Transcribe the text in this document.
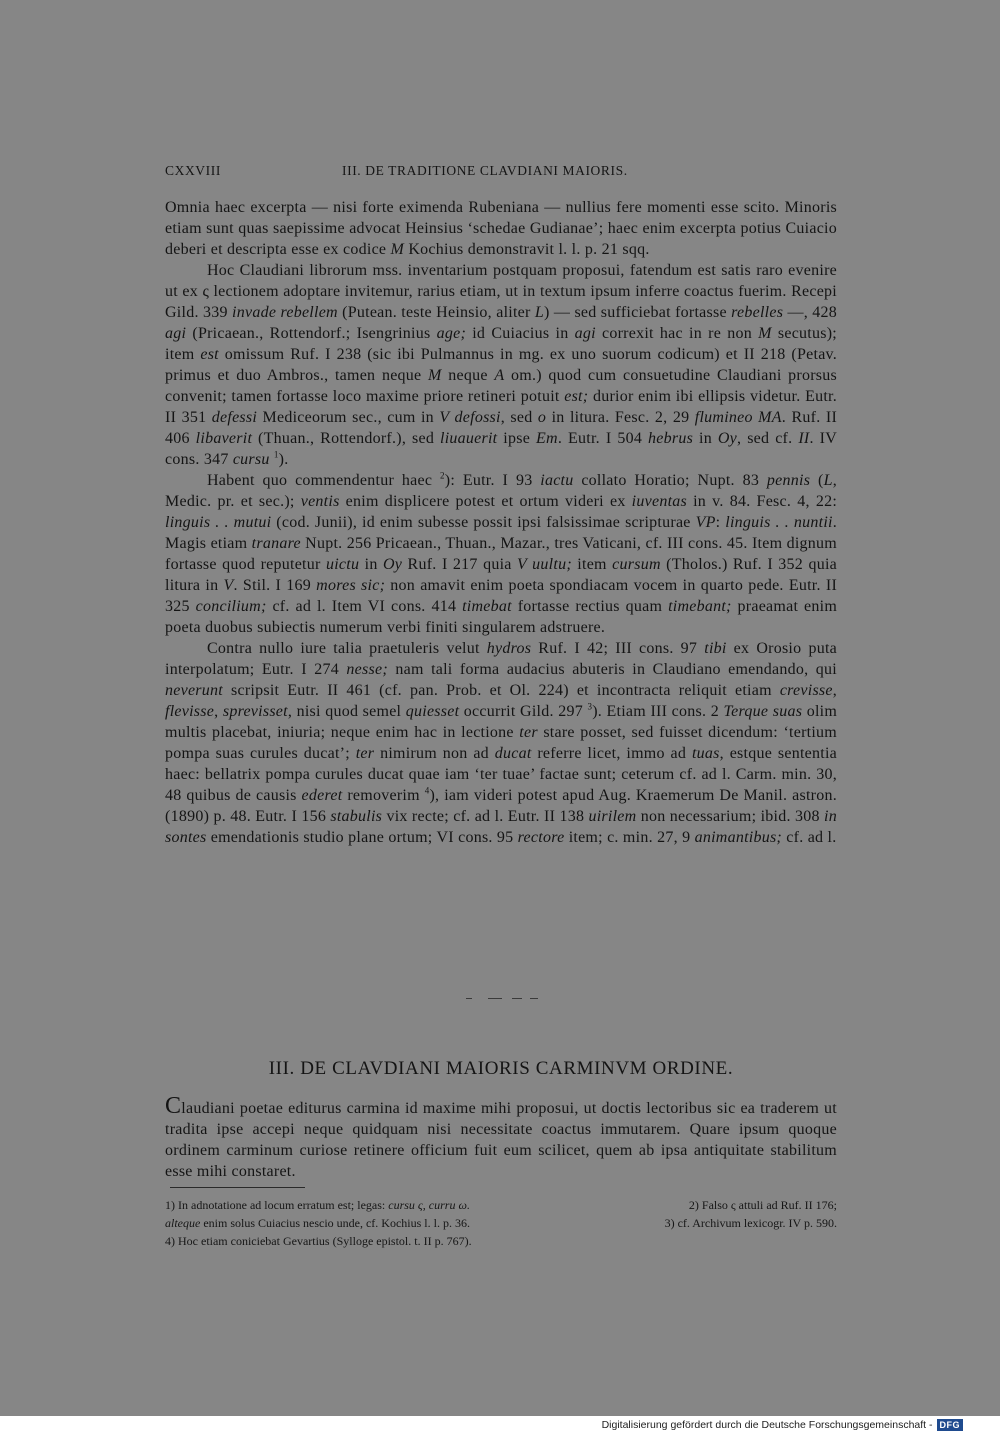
CXXVIII	III. DE TRADITIONE CLAVDIANI MAIORIS.

Omnia haec excerpta — nisi forte eximenda Rubeniana — nullius fere momenti esse scito. Minoris etiam sunt quas saepissime advocat Heinsius ‘schedae Gudianae’; haec enim excerpta potius Cuiacio deberi et descripta esse ex codice M Kochius demonstravit l. l. p. 21 sqq.

Hoc Claudiani librorum mss. inventarium postquam proposui, fatendum est satis raro evenire ut ex ς lectionem adoptare invitemur, rarius etiam, ut in textum ipsum inferre coactus fuerim. Recepi Gild. 339 invade rebellem (Putean. teste Heinsio, aliter L) — sed sufficiebat fortasse rebelles —, 428 agi (Pricaean., Rottendorf.; Isengrinius age; id Cuiacius in agi correxit hac in re non M secutus); item est omissum Ruf. I 238 (sic ibi Pulmannus in mg. ex uno suorum codicum) et II 218 (Petav. primus et duo Ambros., tamen neque M neque A om.) quod cum consuetudine Claudiani prorsus convenit; tamen fortasse loco maxime priore retineri potuit est; durior enim ibi ellipsis videtur. Eutr. II 351 defessi Mediceorum sec., cum in V defossi, sed o in litura. Fesc. 2, 29 flumineo MA. Ruf. II 406 libaverit (Thuan., Rottendorf.), sed liuauerit ipse Em. Eutr. I 504 hebrus in Oy, sed cf. II. IV cons. 347 cursu $^1$).

Habent quo commendentur haec $^2$): Eutr. I 93 iactu collato Horatio; Nupt. 83 pennis (L, Medic. pr. et sec.); ventis enim displicere potest et ortum videri ex iuventas in v. 84. Fesc. 4, 22: linguis . . mutui (cod. Junii), id enim subesse possit ipsi falsissimae scripturae VP: linguis . . nuntii. Magis etiam tranare Nupt. 256 Pricaean., Thuan., Mazar., tres Vaticani, cf. III cons. 45. Item dignum fortasse quod reputetur uictu in Oy Ruf. I 217 quia V uultu; item cursum (Tholos.) Ruf. I 352 quia litura in V. Stil. I 169 mores sic; non amavit enim poeta spondiacam vocem in quarto pede. Eutr. II 325 concilium; cf. ad l. Item VI cons. 414 timebat fortasse rectius quam timebant; praeamat enim poeta duobus subiectis numerum verbi finiti singularem adstruere.

Contra nullo iure talia praetuleris velut hydros Ruf. I 42; III cons. 97 tibi ex Orosio puta interpolatum; Eutr. I 274 nesse; nam tali forma audacius abuteris in Claudiano emendando, qui neverunt scripsit Eutr. II 461 (cf. pan. Prob. et Ol. 224) et incontracta reliquit etiam crevisse, flevisse, sprevisset, nisi quod semel quiesset occurrit Gild. 297 $^3$). Etiam III cons. 2 Terque suas olim multis placebat, iniuria; neque enim hac in lectione ter stare posset, sed fuisset dicendum: ‘tertium pompa suas curules ducat’; ter nimirum non ad ducat referre licet, immo ad tuas, estque sententia haec: bellatrix pompa curules ducat quae iam ‘ter tuae’ factae sunt; ceterum cf. ad l. Carm. min. 30, 48 quibus de causis ederet removerim $^4$), iam videri potest apud Aug. Kraemerum De Manil. astron. (1890) p. 48. Eutr. I 156 stabulis vix recte; cf. ad l. Eutr. II 138 uirilem non necessarium; ibid. 308 in sontes emendationis studio plane ortum; VI cons. 95 rectore item; c. min. 27, 9 animantibus; cf. ad l.

III. DE CLAVDIANI MAIORIS CARMINVM ORDINE.

Claudiani poetae editurus carmina id maxime mihi proposui, ut doctis lectoribus sic ea traderem ut tradita ipse accepi neque quidquam nisi necessitate coactus immutarem. Quare ipsum quoque ordinem carminum curiose retinere officium fuit eum scilicet, quem ab ipsa antiquitate stabilitum esse mihi constaret.

1) In adnotatione ad locum erratum est; legas: cursu ς, curru ω.	2) Falso ς attuli ad Ruf. II 176;
alteque enim solus Cuiacius nescio unde, cf. Kochius l. l. p. 36.	3) cf. Archivum lexicogr. IV p. 590.
4) Hoc etiam coniciebat Gevartius (Sylloge epistol. t. II p. 767).
Digitalisierung gefördert durch die Deutsche Forschungsgemeinschaft - DFG
